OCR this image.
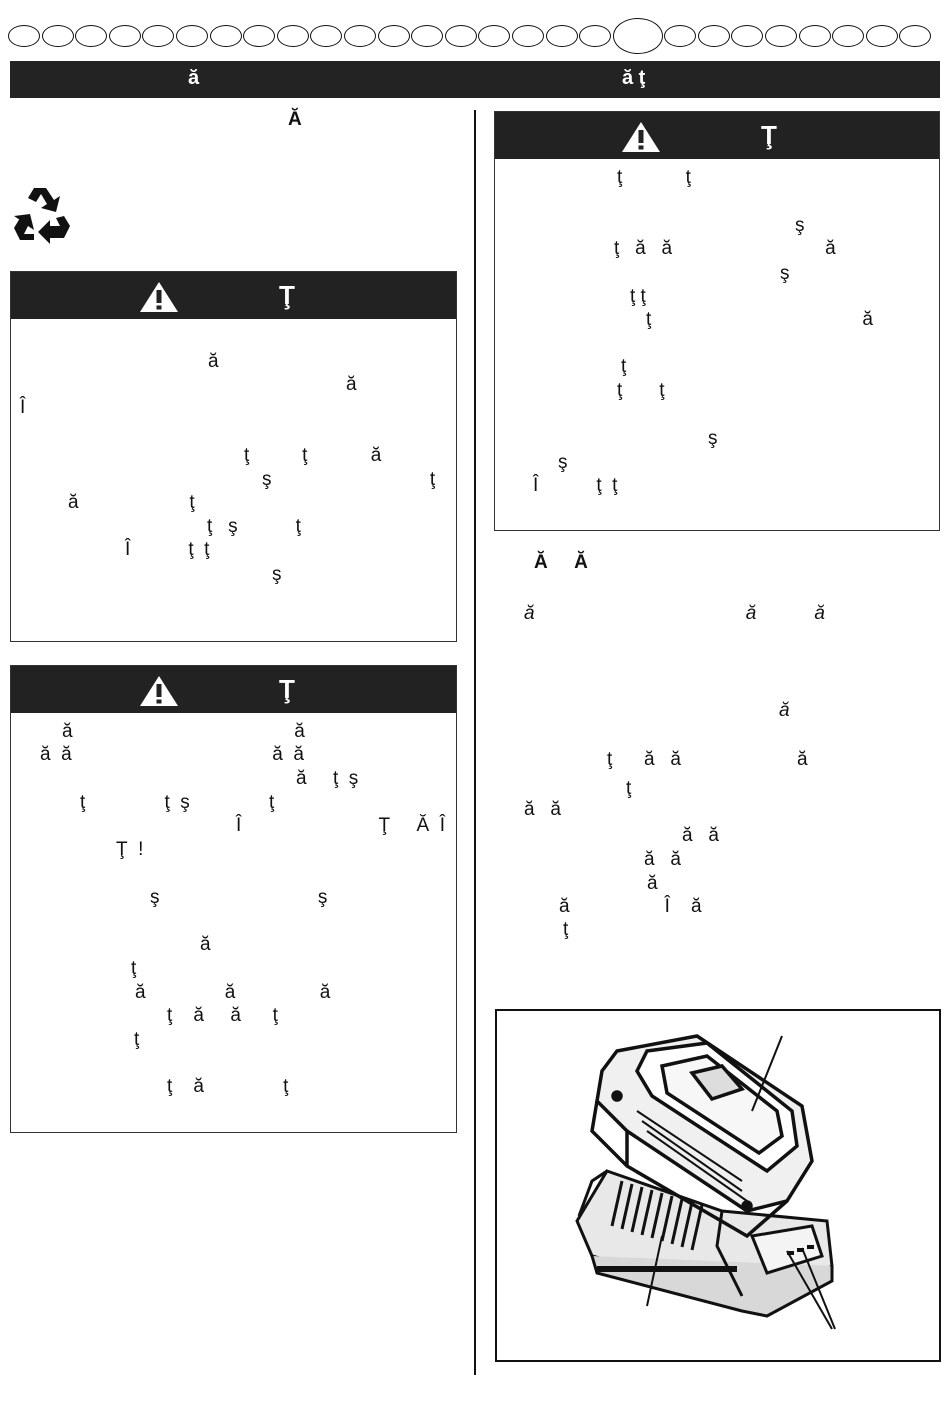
ă	ă ţ
Ă
Ţ
ă
ă
Î
ţ          ţ            ă
ş                              ţ
ă                     ţ
ţ   ş           ţ
Î           ţ  ţ
ş
Ţ
ă                                          ă
ă  ă                                      ă  ă
ă     ţ  ş
ţ               ţ  ş               ţ
Î                          Ţ     Ă  Î
Ţ  !
ş                              ş
ă
ţ
ă               ă                ă
ţ    ă     ă      ţ
ţ
ţ    ă               ţ
Ţ
ţ            ţ
ş
ţ   ă   ă                             ă
ş
ţ ţ
ţ                                        ă
ţ
ţ       ţ
ş
ş
Î           ţ  ţ
Ă     Ă
ă                                        ă           ă
ă
ţ      ă   ă                      ă
ţ
ă   ă
ă   ă
ă   ă
ă
ă                  Î    ă
ţ
